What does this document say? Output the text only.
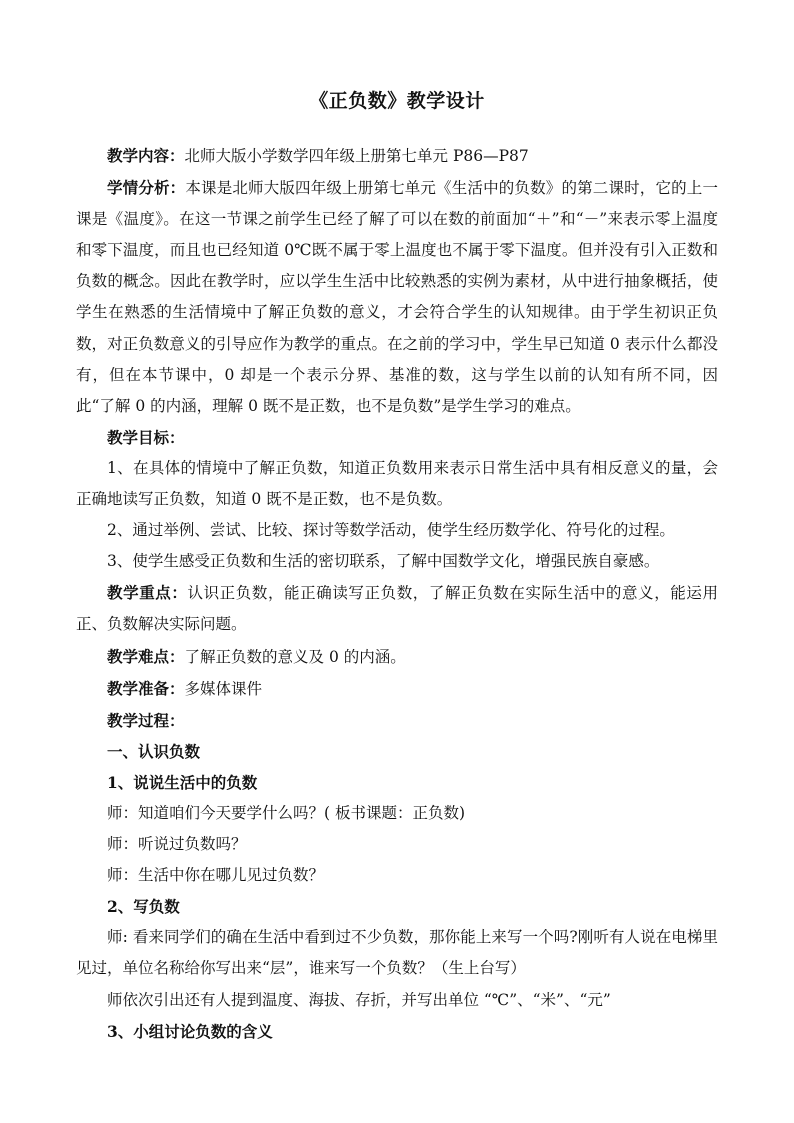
《正负数》教学设计

教学内容：北师大版小学数学四年级上册第七单元 P86—P87

学情分析：本课是北师大版四年级上册第七单元《生活中的负数》的第二课时，它的上一课是《温度》。在这一节课之前学生已经了解了可以在数的前面加“＋”和“－”来表示零上温度和零下温度，而且也已经知道 0℃既不属于零上温度也不属于零下温度。但并没有引入正数和负数的概念。因此在教学时，应以学生生活中比较熟悉的实例为素材，从中进行抽象概括，使学生在熟悉的生活情境中了解正负数的意义，才会符合学生的认知规律。由于学生初识正负数，对正负数意义的引导应作为教学的重点。在之前的学习中，学生早已知道 0 表示什么都没有，但在本节课中，0 却是一个表示分界、基准的数，这与学生以前的认知有所不同，因此“了解 0 的内涵，理解 0 既不是正数，也不是负数”是学生学习的难点。

教学目标：

1、在具体的情境中了解正负数，知道正负数用来表示日常生活中具有相反意义的量，会正确地读写正负数，知道 0 既不是正数，也不是负数。

2、通过举例、尝试、比较、探讨等数学活动，使学生经历数学化、符号化的过程。

3、使学生感受正负数和生活的密切联系，了解中国数学文化，增强民族自豪感。

教学重点：认识正负数，能正确读写正负数，了解正负数在实际生活中的意义，能运用正、负数解决实际问题。

教学难点：了解正负数的意义及 0 的内涵。

教学准备：多媒体课件

教学过程：

一、认识负数

1、说说生活中的负数

师：知道咱们今天要学什么吗？( 板书课题：正负数)

师：听说过负数吗？

师：生活中你在哪儿见过负数？

2、写负数

师: 看来同学们的确在生活中看到过不少负数，那你能上来写一个吗?刚听有人说在电梯里见过，单位名称给你写出来“层”，谁来写一个负数？（生上台写）

师依次引出还有人提到温度、海拔、存折，并写出单位 “℃”、“米”、“元”

3、小组讨论负数的含义
